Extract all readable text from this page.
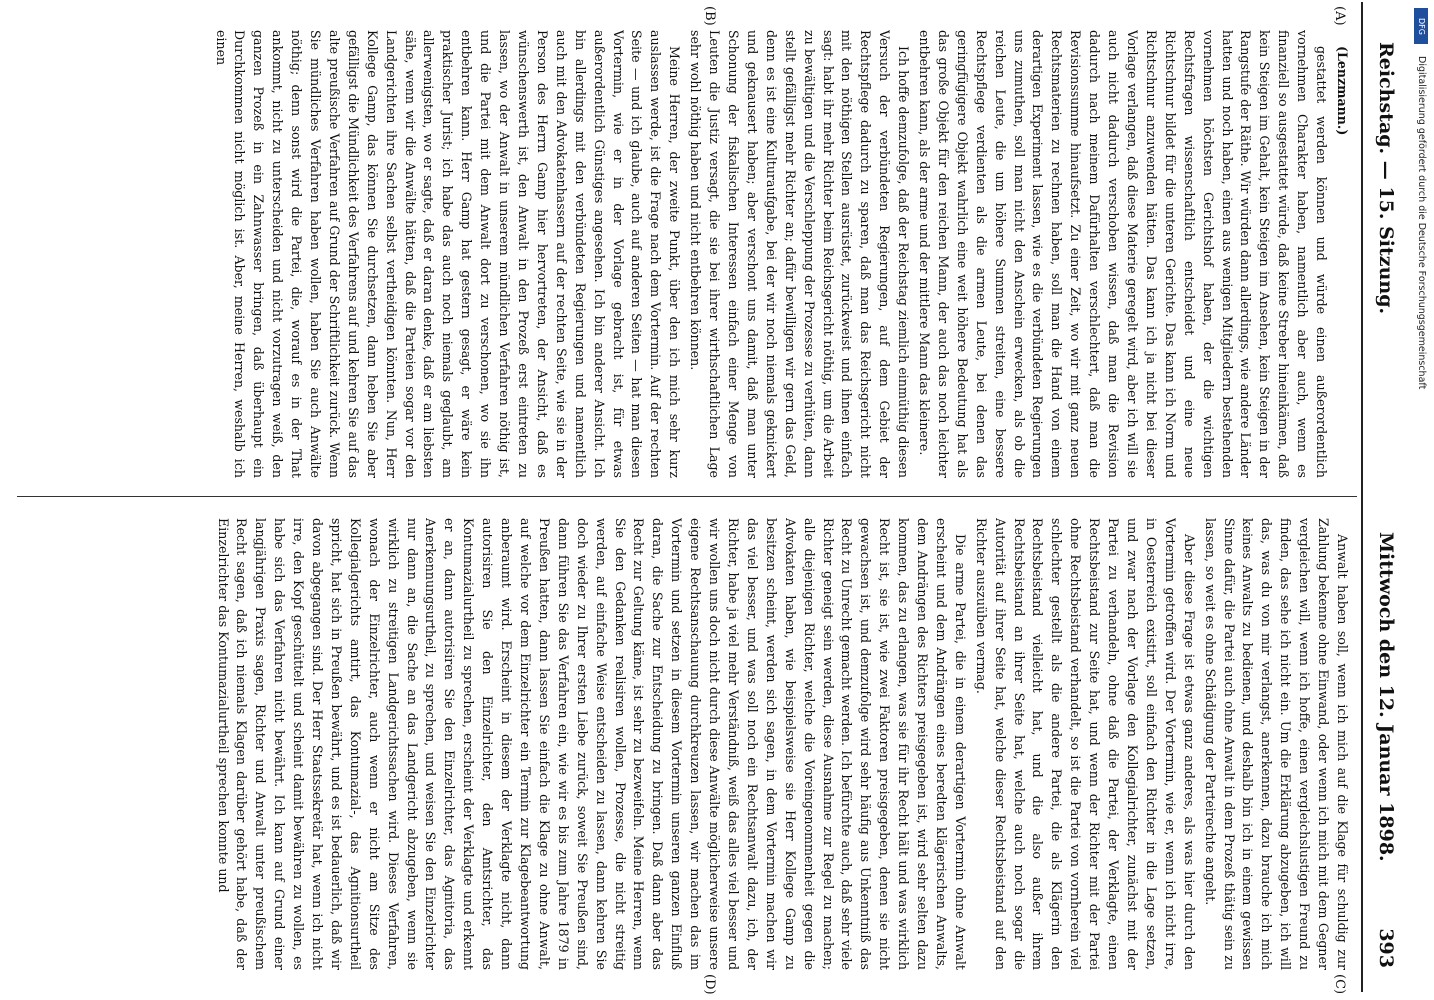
Reichstag. — 15. Sitzung.
Mittwoch den 12. Januar 1898.
393
(A)
(B)
(C)
(D)

(Lenzmann.)

gestattet werden können und würde einen außerordentlich vornehmen Charakter haben, namentlich aber auch, wenn es finanziell so ausgestattet würde, daß keine Streber hineinkämen, daß kein Steigen im Gehalt, kein Steigen im Ansehen, kein Steigen in der Rangstufe der Räthe. Wir würden dann allerdings, wie andere Länder hatten und noch haben, einen aus wenigen Mitgliedern bestehenden vornehmen höchsten Gerichtshof haben, der die wichtigen Rechtsfragen wissenschaftlich entscheidet und eine neue Richtschnur bildet für die unteren Gerichte. Das kann ich Norm und Richtschnur anzuwenden hätten. Das kann ich ja nicht bei dieser Vorlage verlangen, daß diese Materie geregelt wird, aber ich will sie auch nicht dadurch verschoben wissen, daß man die Revision dadurch nach meinem Dafürhalten verschlechtert, daß man die Revisionssumme hinaufsetzt. Zu einer Zeit, wo wir mit ganz neuen Rechtsmaterien zu rechnen haben, soll man die Hand von einem derartigen Experiment lassen, wie es die verbündeten Regierungen uns zumuthen, soll man nicht den Anschein erwecken, als ob die reichen Leute, die um höhere Summen streiten, eine bessere Rechtspflege verdienten als die armen Leute, bei denen das geringfügigere Objekt wahrlich eine weit höhere Bedeutung hat als das große Objekt für den reichen Mann, der auch das noch leichter entbehren kann, als der arme und der mittlere Mann das kleinere.

Ich hoffe demzufolge, daß der Reichstag ziemlich einmüthig diesen Versuch der verbündeten Regierungen, auf dem Gebiet der Rechtspflege dadurch zu sparen, daß man das Reichsgericht nicht mit den nöthigen Stellen ausrüstet, zurückweist und ihnen einfach sagt: habt ihr mehr Richter beim Reichsgericht nöthig, um die Arbeit zu bewältigen und die Verschleppung der Prozesse zu verhüten, dann stellt gefälligst mehr Richter an; dafür bewilligen wir gern das Geld, denn es ist eine Kulturaufgabe, bei der wir noch niemals geknickert und geknausert haben; aber verschont uns damit, daß man unter Schonung der fiskalischen Interessen einfach einer Menge von Leuten die Justiz versagt, die sie bei ihrer wirthschaftlichen Lage sehr wohl nöthig haben und nicht entbehren können.

Meine Herren, der zweite Punkt, über den ich mich sehr kurz auslassen werde, ist die Frage nach dem Vortermin. Auf der rechten Seite — und ich glaube, auch auf anderen Seiten — hat man diesen Vortermin, wie er in der Vorlage gebracht ist, für etwas außerordentlich Günstiges angesehen. Ich bin anderer Ansicht. Ich bin allerdings mit den verbündeten Regierungen und namentlich auch mit den Advokatenhassern auf der rechten Seite, wie sie in der Person des Herrn Gamp hier hervortreten, der Ansicht, daß es wünschenswerth ist, den Anwalt in den Prozeß erst eintreten zu lassen, wo der Anwalt in unserem mündlichen Verfahren nöthig ist, und die Partei mit dem Anwalt dort zu verschonen, wo sie ihn entbehren kann. Herr Gamp hat gestern gesagt, er wäre kein praktischer Jurist; ich habe das auch noch niemals geglaubt, am allerwenigsten, wo er sagte, daß er daran denke, daß er am liebsten sähe, wenn wir die Anwälte hätten, daß die Parteien sogar vor den Landgerichten ihre Sachen selbst vertheidigen könnten. Nun, Herr Kollege Gamp, das können Sie durchsetzen, dann heben Sie aber gefälligst die Mündlichkeit des Verfahrens auf und kehren Sie auf das alte preußische Verfahren auf Grund der Schriftlichkeit zurück. Wenn Sie mündliches Verfahren haben wollen, haben Sie auch Anwälte nöthig; denn sonst wird die Partei, die, worauf es in der That ankommt, nicht zu unterscheiden und nicht vorzutragen weiß, den ganzen Prozeß in ein Zahnwasser bringen, daß überhaupt ein Durchkommen nicht möglich ist. Aber, meine Herren, weshalb ich einen

Anwalt haben soll, wenn ich mich auf die Klage für schuldig zur Zahlung bekenne ohne Einwand, oder wenn ich mich mit dem Gegner vergleichen will, wenn ich hoffe, einen vergleichslustigen Freund zu finden, das sehe ich nicht ein. Um die Erklärung abzugeben, ich will das, was du von mir verlangst, anerkennen, dazu brauche ich mich keines Anwalts zu bedienen, und deshalb bin ich in einem gewissen Sinne dafür, die Partei auch ohne Anwalt in dem Prozeß thätig sein zu lassen, so weit es ohne Schädigung der Parteirechte angeht.

Aber diese Frage ist etwas ganz anderes, als was hier durch den Vortermin getroffen wird. Der Vortermin, wie er, wenn ich nicht irre, in Oesterreich existirt, soll einfach den Richter in die Lage setzen, und zwar nach der Vorlage den Kollegialrichter, zunächst mit der Partei zu verhandeln, ohne daß die Partei, der Verklagte, einen Rechtsbeistand zur Seite hat, und wenn der Richter mit der Partei ohne Rechtsbeistand verhandelt, so ist die Partei von vornherein viel schlechter gestellt als die andere Partei, die als Klägerin den Rechtsbeistand vielleicht hat, und die also außer ihrem Rechtsbeistand an ihrer Seite hat, welche auch noch sogar die Autorität auf ihrer Seite hat, welche dieser Rechtsbeistand auf den Richter auszuüben vermag.

Die arme Partei, die in einem derartigen Vortermin ohne Anwalt erscheint und dem Andrängen eines beredten klägerischen Anwalts, dem Andrängen des Richters preisgegeben ist, wird sehr selten dazu kommen, das zu erlangen, was sie für ihr Recht hält und was wirklich Recht ist, sie ist, wie zwei Faktoren preisgegeben, denen sie nicht gewachsen ist, und demzufolge wird sehr häufig aus Unkenntniß das Recht zu Unrecht gemacht werden. Ich befürchte auch, daß sehr viele Richter geneigt sein werden, diese Ausnahme zur Regel zu machen; alle diejenigen Richter, welche die Voreingenommenheit gegen die Advokaten haben, wie beispielsweise sie Herr Kollege Gamp zu besitzen scheint, werden sich sagen, in dem Vortermin machen wir das viel besser, und was soll noch ein Rechtsanwalt dazu, ich, der Richter, habe ja viel mehr Verständniß, weiß das alles viel besser und wir wollen uns doch nicht durch diese Anwälte möglicherweise unsere eigene Rechtsanschauung durchkreuzen lassen, wir machen das im Vortermin und setzen in diesem Vortermin unseren ganzen Einfluß daran, die Sache zur Entscheidung zu bringen. Daß dann aber das Recht zur Geltung käme, ist sehr zu bezweifeln. Meine Herren, wenn Sie den Gedanken realisiren wollen, Prozesse, die nicht streitig werden, auf einfache Weise entscheiden zu lassen, dann kehren Sie doch wieder zu Ihrer ersten Liebe zurück, soweit Sie Preußen sind, dann führen Sie das Verfahren ein, wie wir es bis zum Jahre 1879 in Preußen hatten, dann lassen Sie einfach die Klage zu ohne Anwalt, auf welche vor dem Einzelrichter ein Termin zur Klagebeantwortung anberaumt wird. Erscheint in diesem der Verklagte nicht, dann autorisiren Sie den Einzelrichter, den Amtsrichter, das Kontumazialurtheil zu sprechen, erscheint der Verklagte und erkennt er an, dann autorisiren Sie den Einzelrichter, das Agnitoria, das Anerkennungsurtheil, zu sprechen, und weisen Sie den Einzelrichter nur dann an, die Sache an das Landgericht abzugeben, wenn sie wirklich zu streitigen Landgerichtssachen wird. Dieses Verfahren, wonach der Einzelrichter, auch wenn er nicht am Sitze des Kollegialgerichts amtirt, das Kontumazial-, das Agnitionsurtheil spricht, hat sich in Preußen bewährt, und es ist bedauerlich, daß wir davon abgegangen sind. Der Herr Staatssekretär hat, wenn ich nicht irre, den Kopf geschüttelt und scheint damit bewähren zu wollen, es habe sich das Verfahren nicht bewährt. Ich kann auf Grund einer langjährigen Praxis sagen, Richter und Anwalt unter preußischem Recht sagen, daß ich niemals Klagen darüber gehört habe, daß der Einzelrichter das Kontumazialurtheil sprechen konnte und

DFG
Digitalisierung gefördert durch die Deutsche Forschungsgemeinschaft
